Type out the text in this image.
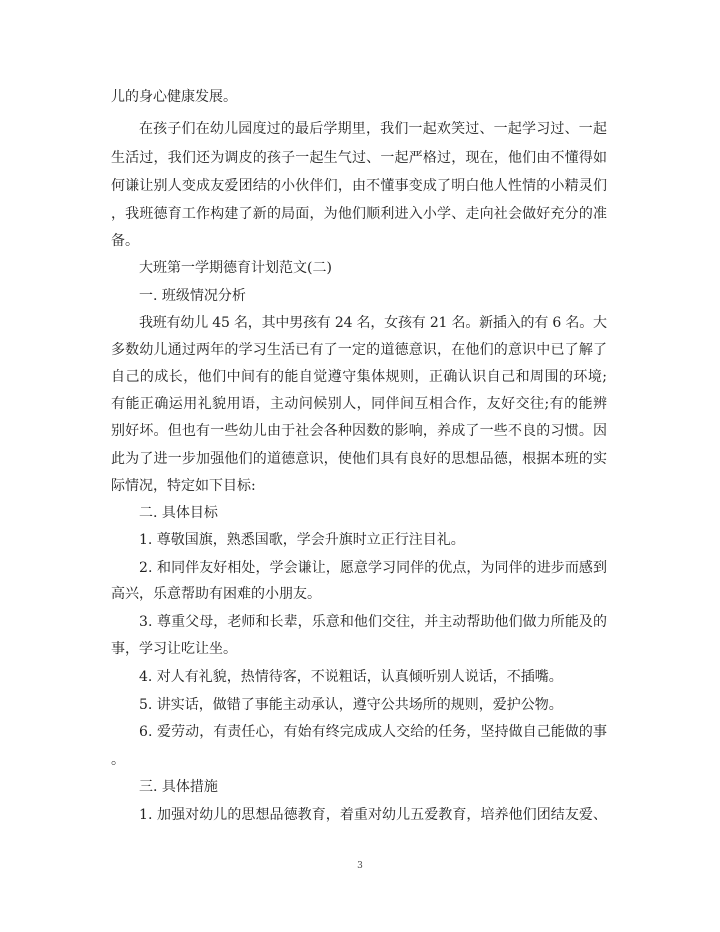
儿的身心健康发展。
在孩子们在幼儿园度过的最后学期里，我们一起欢笑过、一起学习过、一起
生活过，我们还为调皮的孩子一起生气过、一起严格过，现在，他们由不懂得如
何谦让别人变成友爱团结的小伙伴们，由不懂事变成了明白他人性情的小精灵们
，我班德育工作构建了新的局面，为他们顺利进入小学、走向社会做好充分的准
备。
大班第一学期德育计划范文(二)
一. 班级情况分析
我班有幼儿 45 名，其中男孩有 24 名，女孩有 21 名。新插入的有 6 名。大
多数幼儿通过两年的学习生活已有了一定的道德意识，在他们的意识中已了解了
自己的成长，他们中间有的能自觉遵守集体规则，正确认识自己和周围的环境;
有能正确运用礼貌用语，主动问候别人，同伴间互相合作，友好交往;有的能辨
别好坏。但也有一些幼儿由于社会各种因数的影响，养成了一些不良的习惯。因
此为了进一步加强他们的道德意识，使他们具有良好的思想品德，根据本班的实
际情况，特定如下目标:
二. 具体目标
1. 尊敬国旗，熟悉国歌，学会升旗时立正行注目礼。
2. 和同伴友好相处，学会谦让，愿意学习同伴的优点，为同伴的进步而感到
高兴，乐意帮助有困难的小朋友。
3. 尊重父母，老师和长辈，乐意和他们交往，并主动帮助他们做力所能及的
事，学习让吃让坐。
4. 对人有礼貌，热情待客，不说粗话，认真倾听别人说话，不插嘴。
5. 讲实话，做错了事能主动承认，遵守公共场所的规则，爱护公物。
6. 爱劳动，有责任心，有始有终完成成人交给的任务，坚持做自己能做的事
。
三. 具体措施
1. 加强对幼儿的思想品德教育，着重对幼儿五爱教育，培养他们团结友爱、
3
